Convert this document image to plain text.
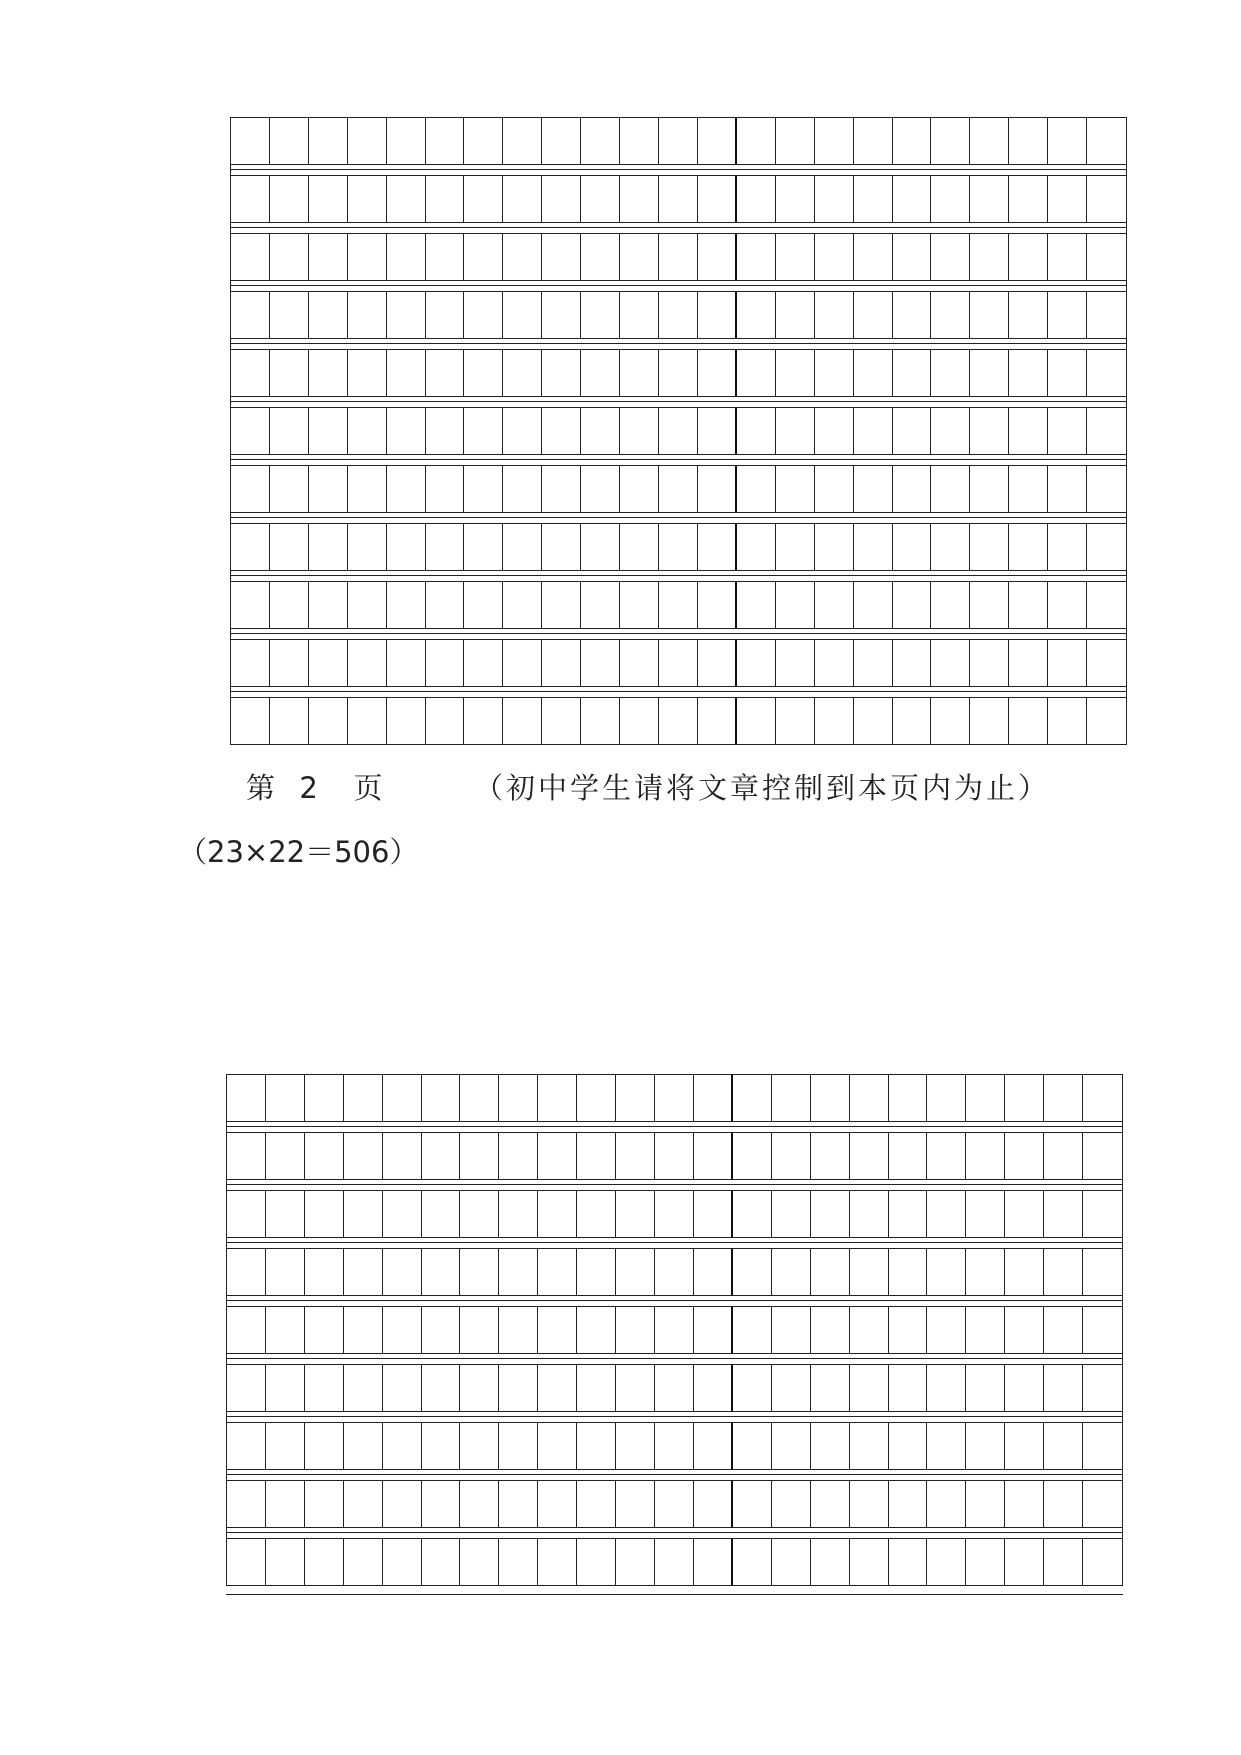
第  2   页	（初中学生请将文章控制到本页内为止）
（23×22＝506）
